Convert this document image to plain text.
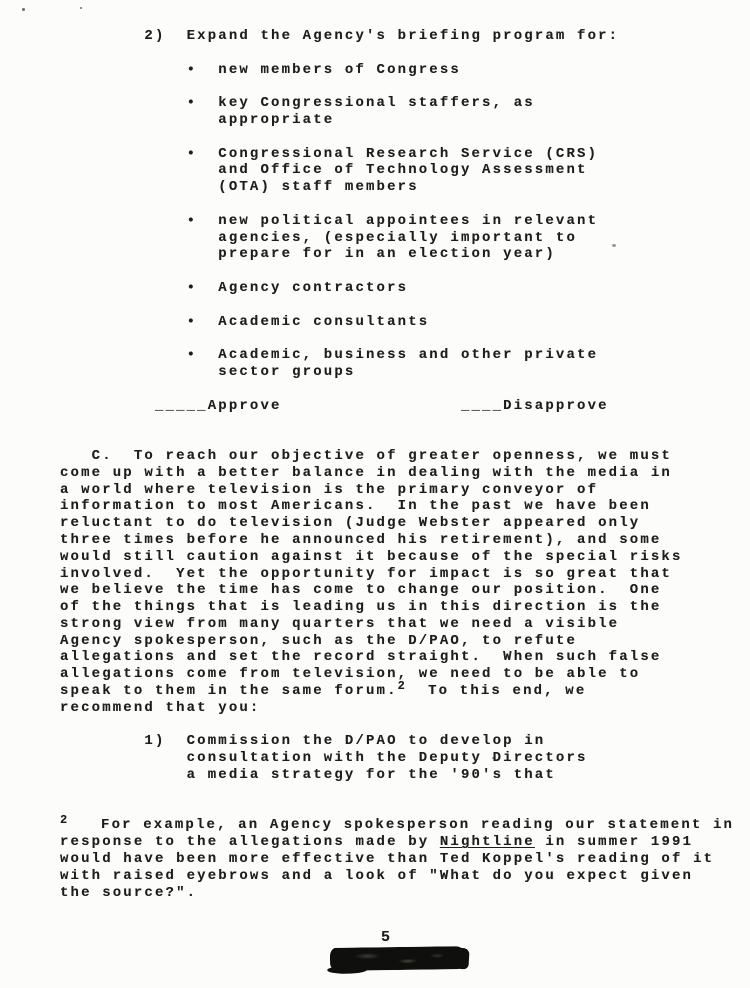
2)  Expand the Agency's briefing program for:

•  new members of Congress

•  key Congressional staffers, as
appropriate

•  Congressional Research Service (CRS)
and Office of Technology Assessment
(OTA) staff members

•  new political appointees in relevant
agencies, (especially important to
prepare for in an election year)

•  Agency contractors

•  Academic consultants

•  Academic, business and other private
sector groups

_____Approve                 ____Disapprove

C.  To reach our objective of greater openness, we must
come up with a better balance in dealing with the media in
a world where television is the primary conveyor of
information to most Americans.  In the past we have been
reluctant to do television (Judge Webster appeared only
three times before he announced his retirement), and some
would still caution against it because of the special risks
involved.  Yet the opportunity for impact is so great that
we believe the time has come to change our position.  One
of the things that is leading us in this direction is the
strong view from many quarters that we need a visible
Agency spokesperson, such as the D/PAO, to refute
allegations and set the record straight.  When such false
allegations come from television, we need to be able to
speak to them in the same forum.2  To this end, we
recommend that you:

1)  Commission the D/PAO to develop in
consultation with the Deputy Directors
a media strategy for the '90's that

2   For example, an Agency spokesperson reading our statement in
response to the allegations made by Nightline in summer 1991
would have been more effective than Ted Koppel's reading of it
with raised eyebrows and a look of "What do you expect given
the source?".
5
